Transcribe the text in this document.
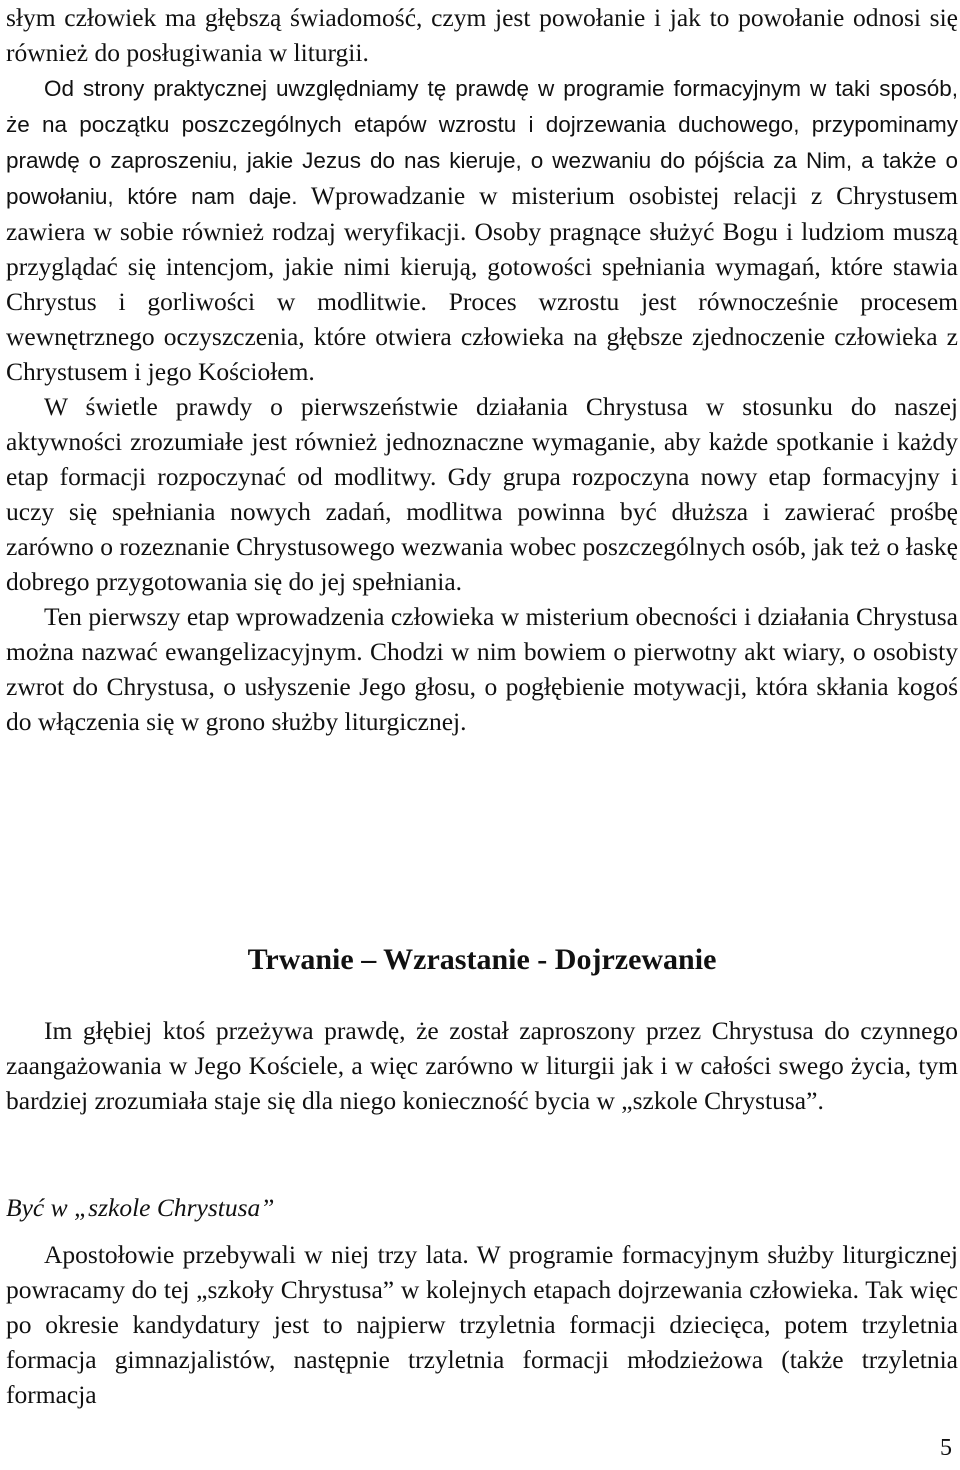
słym człowiek ma głębszą świadomość, czym jest powołanie i jak to powołanie odnosi się również do posługiwania w liturgii.

Od strony praktycznej uwzględniamy tę prawdę w programie formacyjnym w taki sposób, że na początku poszczególnych etapów wzrostu i dojrzewania duchowego, przypominamy prawdę o zaproszeniu, jakie Jezus do nas kieruje, o wezwaniu do pójścia za Nim, a także o powołaniu, które nam daje. Wprowadzanie w misterium osobistej relacji z Chrystusem zawiera w sobie również rodzaj weryfikacji. Osoby pragnące służyć Bogu i ludziom muszą przyglądać się intencjom, jakie nimi kierują, gotowości spełniania wymagań, które stawia Chrystus i gorliwości w modlitwie. Proces wzrostu jest równocześnie procesem wewnętrznego oczyszczenia, które otwiera człowieka na głębsze zjednoczenie człowieka z Chrystusem i jego Kościołem.

W świetle prawdy o pierwszeństwie działania Chrystusa w stosunku do naszej aktywności zrozumiałe jest również jednoznaczne wymaganie, aby każde spotkanie i każdy etap formacji rozpoczynać od modlitwy. Gdy grupa rozpoczyna nowy etap formacyjny i uczy się spełniania nowych zadań, modlitwa powinna być dłuższa i zawierać prośbę zarówno o rozeznanie Chrystusowego wezwania wobec poszczególnych osób, jak też o łaskę dobrego przygotowania się do jej spełniania.

Ten pierwszy etap wprowadzenia człowieka w misterium obecności i działania Chrystusa można nazwać ewangelizacyjnym. Chodzi w nim bowiem o pierwotny akt wiary, o osobisty zwrot do Chrystusa, o usłyszenie Jego głosu, o pogłębienie motywacji, która skłania kogoś do włączenia się w grono służby liturgicznej.

Trwanie – Wzrastanie - Dojrzewanie

Im głębiej ktoś przeżywa prawdę, że został zaproszony przez Chrystusa do czynnego zaangażowania w Jego Kościele, a więc zarówno w liturgii jak i w całości swego życia, tym bardziej zrozumiała staje się dla niego konieczność bycia w „szkole Chrystusa”.

Być w „szkole Chrystusa”

Apostołowie przebywali w niej trzy lata. W programie formacyjnym służby liturgicznej powracamy do tej „szkoły Chrystusa” w kolejnych etapach dojrzewania człowieka. Tak więc po okresie kandydatury jest to najpierw trzyletnia formacji dziecięca, potem trzyletnia formacja gimnazjalistów, następnie trzyletnia formacji młodzieżowa (także trzyletnia formacja

5
